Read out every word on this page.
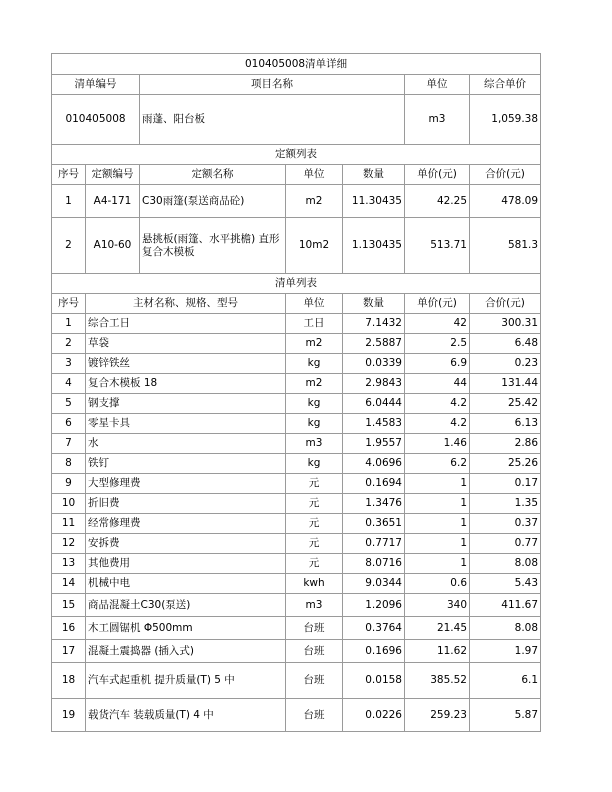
010405008清单详细						
清单编号		项目名称			单位	综合单价
010405008		雨蓬、阳台板			m3	1,059.38
定额列表						
序号	定额编号	定额名称	单位	数量	单价(元)	合价(元)
1	A4-171	C30雨篷(泵送商品砼)	m2	11.30435	42.25	478.09
2	A10-60	悬挑板(雨篷、水平挑檐) 直形 复合木模板	10m2	1.130435	513.71	581.3
清单列表						
序号	主材名称、规格、型号		单位	数量	单价(元)	合价(元)
1	综合工日		工日	7.1432	42	300.31
2	草袋		m2	2.5887	2.5	6.48
3	镀锌铁丝		kg	0.0339	6.9	0.23
4	复合木模板 18		m2	2.9843	44	131.44
5	钢支撑		kg	6.0444	4.2	25.42
6	零星卡具		kg	1.4583	4.2	6.13
7	水		m3	1.9557	1.46	2.86
8	铁钉		kg	4.0696	6.2	25.26
9	大型修理费		元	0.1694	1	0.17
10	折旧费		元	1.3476	1	1.35
11	经常修理费		元	0.3651	1	0.37
12	安拆费		元	0.7717	1	0.77
13	其他费用		元	8.0716	1	8.08
14	机械中电		kwh	9.0344	0.6	5.43
15	商品混凝土C30(泵送)		m3	1.2096	340	411.67
16	木工圆锯机 Φ500mm		台班	0.3764	21.45	8.08
17	混凝土震捣器 (插入式)		台班	0.1696	11.62	1.97
18	汽车式起重机 提升质量(T) 5 中		台班	0.0158	385.52	6.1
19	载货汽车 装载质量(T) 4 中		台班	0.0226	259.23	5.87
